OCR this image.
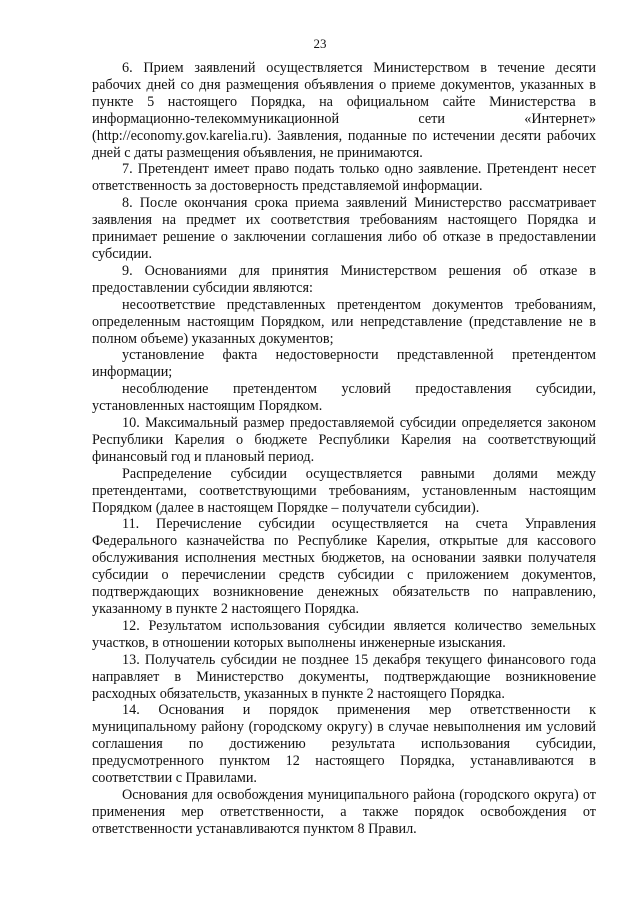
23

6. Прием заявлений осуществляется Министерством в течение десяти рабочих дней со дня размещения объявления о приеме документов, указанных в пункте 5 настоящего Порядка, на официальном сайте Министерства в информационно-телекоммуникационной сети «Интернет» (http://economy.gov.karelia.ru). Заявления, поданные по истечении десяти рабочих дней с даты размещения объявления, не принимаются.

7. Претендент имеет право подать только одно заявление. Претендент несет ответственность за достоверность представляемой информации.

8. После окончания срока приема заявлений Министерство рассматривает заявления на предмет их соответствия требованиям настоящего Порядка и принимает решение о заключении соглашения либо об отказе в предоставлении субсидии.

9. Основаниями для принятия Министерством решения об отказе в предоставлении субсидии являются:

несоответствие представленных претендентом документов требованиям, определенным настоящим Порядком, или непредставление (представление не в полном объеме) указанных документов;

установление факта недостоверности представленной претендентом информации;

несоблюдение претендентом условий предоставления субсидии, установленных настоящим Порядком.

10. Максимальный размер предоставляемой субсидии определяется законом Республики Карелия о бюджете Республики Карелия на соответствующий финансовый год и плановый период.

Распределение субсидии осуществляется равными долями между претендентами, соответствующими требованиям, установленным настоящим Порядком (далее в настоящем Порядке – получатели субсидии).

11. Перечисление субсидии осуществляется на счета Управления Федерального казначейства по Республике Карелия, открытые для кассового обслуживания исполнения местных бюджетов, на основании заявки получателя субсидии о перечислении средств субсидии с приложением документов, подтверждающих возникновение денежных обязательств по направлению, указанному в пункте 2 настоящего Порядка.

12. Результатом использования субсидии является количество земельных участков, в отношении которых выполнены инженерные изыскания.

13. Получатель субсидии не позднее 15 декабря текущего финансового года направляет в Министерство документы, подтверждающие возникновение расходных обязательств, указанных в пункте 2 настоящего Порядка.

14. Основания и порядок применения мер ответственности к муниципальному району (городскому округу) в случае невыполнения им условий соглашения по достижению результата использования субсидии, предусмотренного пунктом 12 настоящего Порядка, устанавливаются в соответствии с Правилами.

Основания для освобождения муниципального района (городского округа) от применения мер ответственности, а также порядок освобождения от ответственности устанавливаются пунктом 8 Правил.
